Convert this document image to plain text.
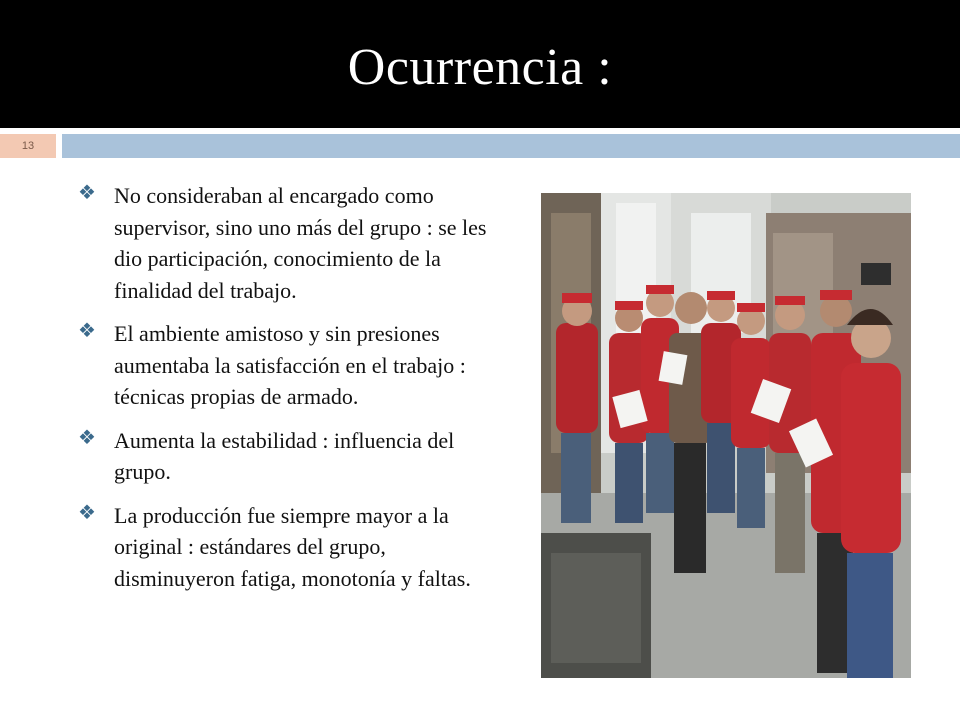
Ocurrencia :
13
❖ No consideraban al encargado como supervisor, sino uno más del grupo : se les dio participación, conocimiento de la finalidad del trabajo.
❖ El ambiente amistoso y sin presiones aumentaba la satisfacción en el trabajo : técnicas propias de armado.
❖ Aumenta la estabilidad : influencia del grupo.
❖ La producción fue siempre mayor a la original : estándares del grupo, disminuyeron fatiga, monotonía y faltas.
